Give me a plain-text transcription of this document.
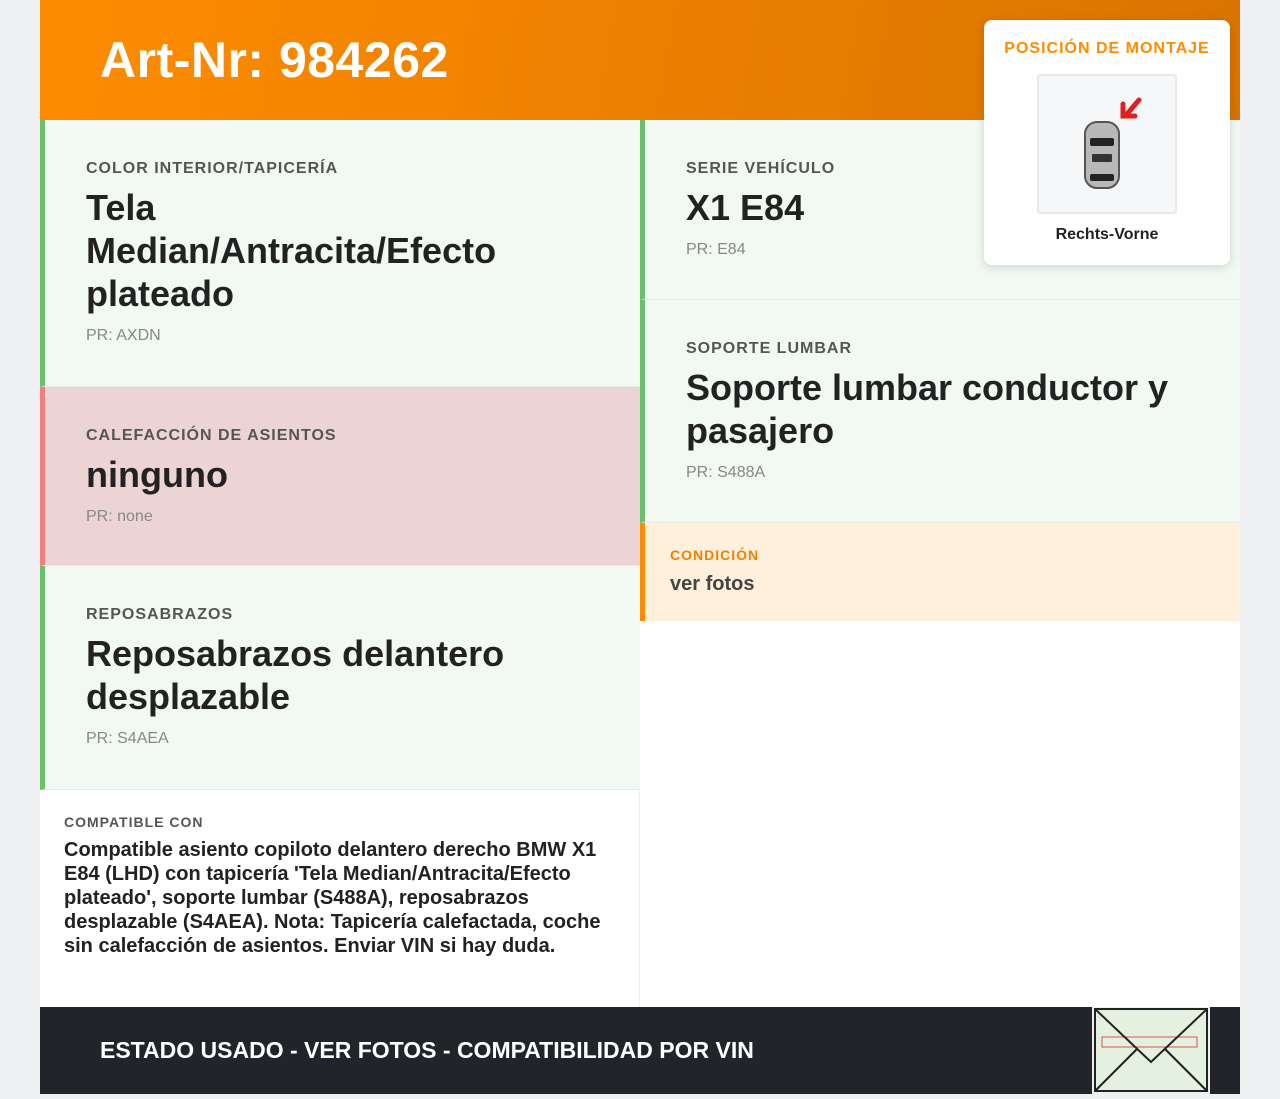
Art-Nr: 984262
COLOR INTERIOR/TAPICERÍA
Tela Median/Antracita/Efecto plateado
PR: AXDN
CALEFACCIÓN DE ASIENTOS
ninguno
PR: none
REPOSABRAZOS
Reposabrazos delantero desplazable
PR: S4AEA
COMPATIBLE CON

Compatible asiento copiloto delantero derecho BMW X1 E84 (LHD) con tapicería 'Tela Median/Antracita/Efecto plateado', soporte lumbar (S488A), reposabrazos desplazable (S4AEA). Nota: Tapicería calefactada, coche sin calefacción de asientos. Enviar VIN si hay duda.

SERIE VEHÍCULO
X1 E84
PR: E84
SOPORTE LUMBAR
Soporte lumbar conductor y pasajero
PR: S488A
CONDICIÓN
ver fotos
ESTADO USADO - VER FOTOS - COMPATIBILIDAD POR VIN
POSICIÓN DE MONTAJE
Rechts-Vorne
